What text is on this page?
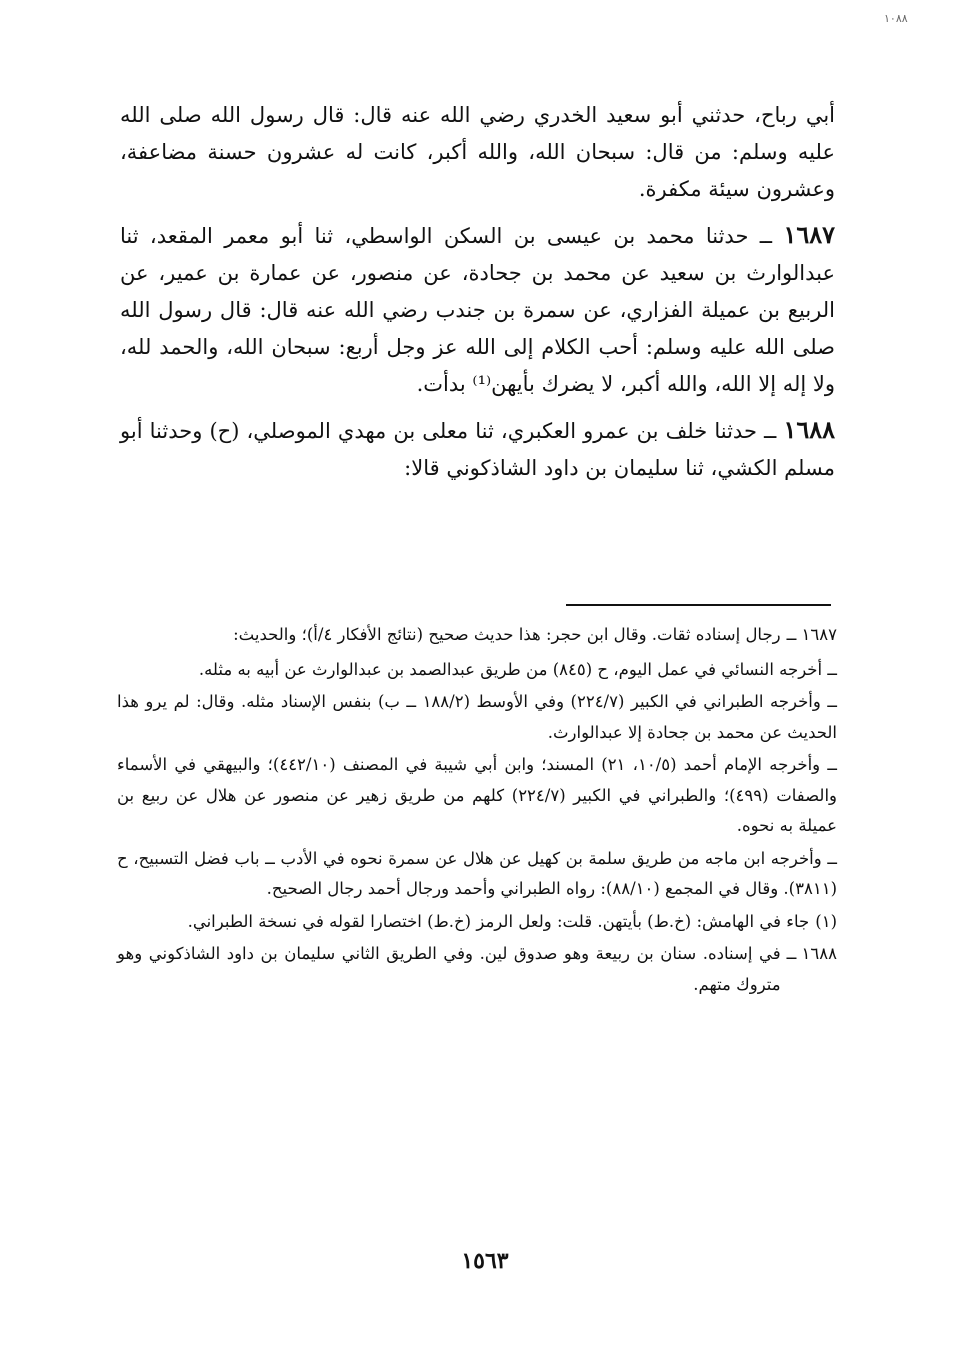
١٠٨٨

أبي رباح، حدثني أبو سعيد الخدري رضي الله عنه قال: قال رسول الله صلى الله عليه وسلم: من قال: سبحان الله، والله أكبر، كانت له عشرون حسنة مضاعفة، وعشرون سيئة مكفرة.

١٦٨٧ ــ حدثنا محمد بن عيسى بن السكن الواسطي، ثنا أبو معمر المقعد، ثنا عبدالوارث بن سعيد عن محمد بن جحادة، عن منصور، عن عمارة بن عمير، عن الربيع بن عميلة الفزاري، عن سمرة بن جندب رضي الله عنه قال: قال رسول الله صلى الله عليه وسلم: أحب الكلام إلى الله عز وجل أربع: سبحان الله، والحمد لله، ولا إله إلا الله، والله أكبر، لا يضرك بأيهن⁽¹⁾ بدأت.

١٦٨٨ ــ حدثنا خلف بن عمرو العكبري، ثنا معلى بن مهدي الموصلي، (ح) وحدثنا أبو مسلم الكشي، ثنا سليمان بن داود الشاذكوني قالا:

١٦٨٧ ــ
رجال إسناده ثقات. وقال ابن حجر: هذا حديث صحيح (نتائج الأفكار ٤/أ)؛ والحديث:
ــ أخرجه النسائي في عمل اليوم، ح (٨٤٥) من طريق عبدالصمد بن عبدالوارث عن أبيه به مثله.
ــ وأخرجه الطبراني في الكبير (٢٢٤/٧) وفي الأوسط (١٨٨/٢ ــ ب) بنفس الإسناد مثله. وقال: لم يرو هذا الحديث عن محمد بن جحادة إلا عبدالوارث.
ــ وأخرجه الإمام أحمد (١٠/٥، ٢١) المسند؛ وابن أبي شيبة في المصنف (٤٤٢/١٠)؛ والبيهقي في الأسماء والصفات (٤٩٩)؛ والطبراني في الكبير (٢٢٤/٧) كلهم من طريق زهير عن منصور عن هلال عن ربيع بن عميلة به نحوه.
ــ وأخرجه ابن ماجه من طريق سلمة بن كهيل عن هلال عن سمرة نحوه في الأدب ــ باب فضل التسبيح، ح (٣٨١١). وقال في المجمع (٨٨/١٠): رواه الطبراني وأحمد ورجال أحمد رجال الصحيح.
(١)
جاء في الهامش: (خ.ط) بأيتهن. قلت: ولعل الرمز (خ.ط) اختصارا لقوله في نسخة الطبراني.
١٦٨٨ ــ
في إسناده. سنان بن ربيعة وهو صدوق لين. وفي الطريق الثاني سليمان بن داود الشاذكوني وهو متروك متهم.
١٥٦٣
